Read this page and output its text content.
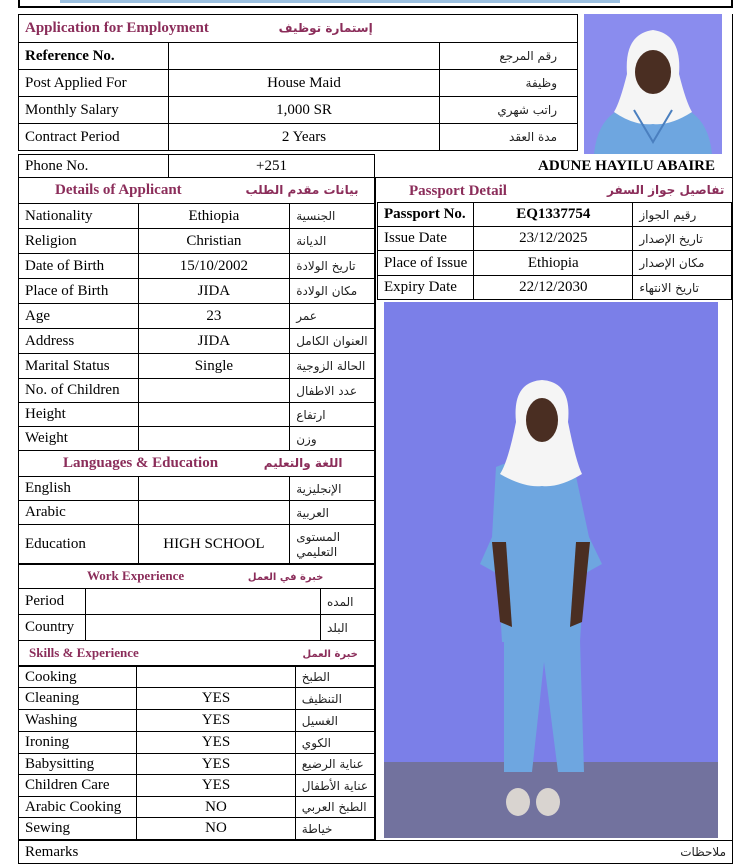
Application for Employment إستمارة توظيف		
Reference No.		رقم المرجع
Post Applied For	House Maid	وظيفة
Monthly Salary	1,000 SR	راتب شهري
Contract Period	2 Years	مدة العقد
Phone No.	+251	ADUNE HAYILU ABAIRE
Details of Applicant بيانات مقدم الطلب		
Nationality	Ethiopia	الجنسية
Religion	Christian	الديانة
Date of Birth	15/10/2002	تاريخ الولادة
Place of Birth	JIDA	مكان الولادة
Age	23	عمر
Address	JIDA	العنوان الكامل
Marital Status	Single	الحالة الزوجية
No. of Children		عدد الاطفال
Height		ارتفاع
Weight		وزن
Languages & Education اللغة والتعليم		
English		الإنجليزية
Arabic		العربية
Education	HIGH SCHOOL	المستوى التعليمي
Work Experience خبرة في العمل		
Period		المده
Country		البلد
Skills & Experience خبرة العمل		
Cooking		الطبخ
Cleaning	YES	التنظيف
Washing	YES	الغسيل
Ironing	YES	الكوي
Babysitting	YES	عناية الرضيع
Children Care	YES	عناية الأطفال
Arabic Cooking	NO	الطبخ العربي
Sewing	NO	خياطة
Remarks	ملاحظات
Passport Detail	تفاصيل جواز السفر
Passport No.	EQ1337754	رقيم الجواز
Issue Date	23/12/2025	تاريخ الإصدار
Place of Issue	Ethiopia	مكان الإصدار
Expiry Date	22/12/2030	تاريخ الانتهاء
